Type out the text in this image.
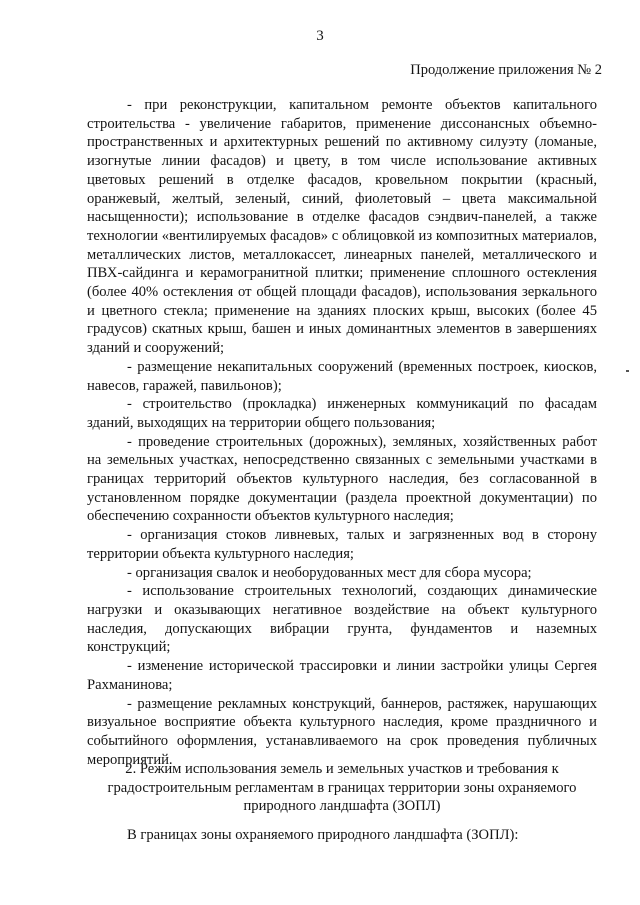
3
Продолжение приложения № 2

- при реконструкции, капитальном ремонте объектов капитального строительства - увеличение габаритов, применение диссонансных объемно-пространственных и архитектурных решений по активному силуэту (ломаные, изогнутые линии фасадов) и цвету, в том числе использование активных цветовых решений в отделке фасадов, кровельном покрытии (красный, оранжевый, желтый, зеленый, синий, фиолетовый – цвета максимальной насыщенности); использование в отделке фасадов сэндвич-панелей, а также технологии «вентилируемых фасадов» с облицовкой из композитных материалов, металлических листов, металлокассет, линеарных панелей, металлического и ПВХ-сайдинга и керамогранитной плитки; применение сплошного остекления (более 40% остекления от общей площади фасадов), использования зеркального и цветного стекла; применение на зданиях плоских крыш, высоких (более 45 градусов) скатных крыш, башен и иных доминантных элементов в завершениях зданий и сооружений;

- размещение некапитальных сооружений (временных построек, киосков, навесов, гаражей, павильонов);

- строительство (прокладка) инженерных коммуникаций по фасадам зданий, выходящих на территории общего пользования;

- проведение строительных (дорожных), земляных, хозяйственных работ на земельных участках, непосредственно связанных с земельными участками в границах территорий объектов культурного наследия, без согласованной в установленном порядке документации (раздела проектной документации) по обеспечению сохранности объектов культурного наследия;

- организация стоков ливневых, талых и загрязненных вод в сторону территории объекта культурного наследия;

- организация свалок и необорудованных мест для сбора мусора;

- использование строительных технологий, создающих динамические нагрузки и оказывающих негативное воздействие на объект культурного наследия, допускающих вибрации грунта, фундаментов и наземных конструкций;

- изменение исторической трассировки и линии застройки улицы Сергея Рахманинова;

- размещение рекламных конструкций, баннеров, растяжек, нарушающих визуальное восприятие объекта культурного наследия, кроме праздничного и событийного оформления, устанавливаемого на срок проведения публичных мероприятий.

2. Режим использования земель и земельных участков и требования к
градостроительным регламентам в границах территории зоны охраняемого
природного ландшафта (ЗОПЛ)
В границах зоны охраняемого природного ландшафта (ЗОПЛ):
